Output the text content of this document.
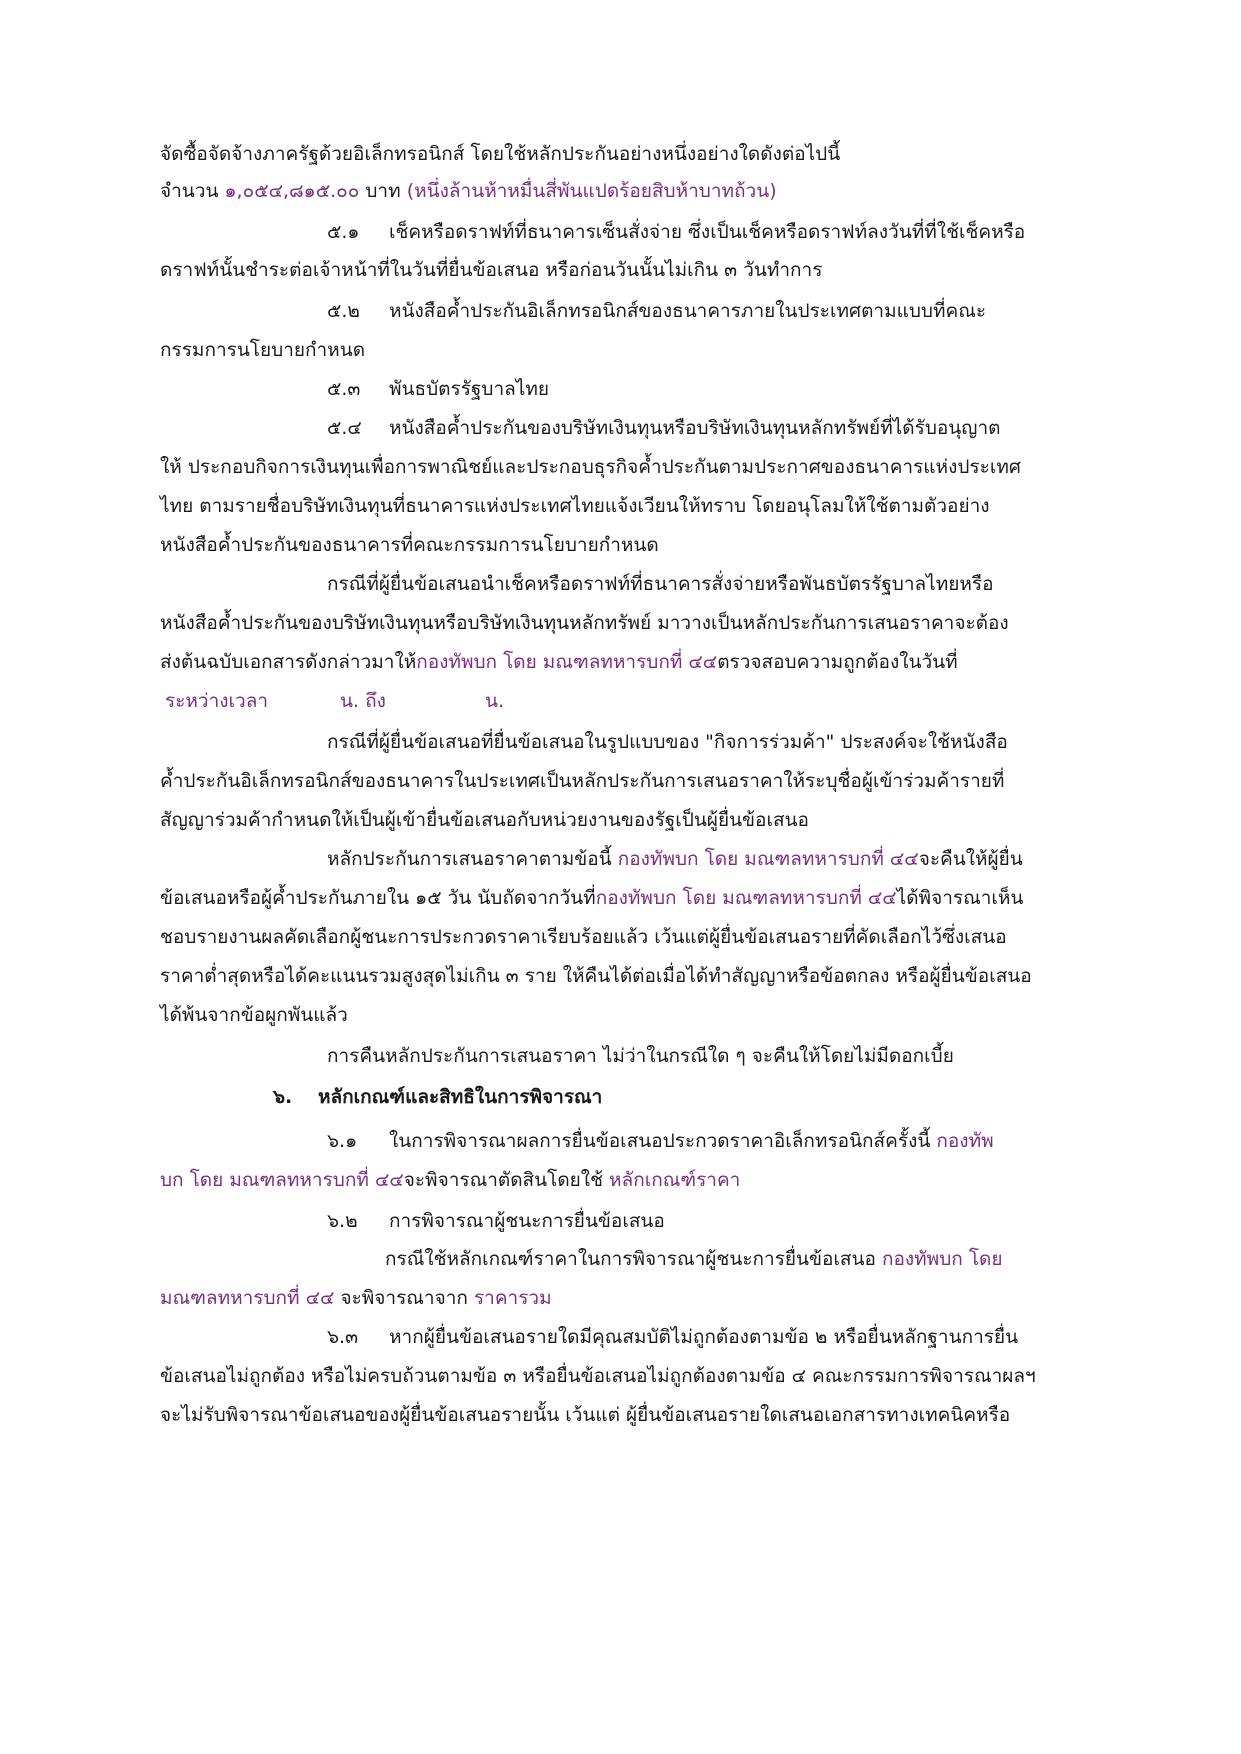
จัดซื้อจัดจ้างภาครัฐด้วยอิเล็กทรอนิกส์ โดยใช้หลักประกันอย่างหนึ่งอย่างใดดังต่อไปนี้
จำนวน ๑,๐๕๔,๘๑๕.๐๐ บาท (หนึ่งล้านห้าหมื่นสี่พันแปดร้อยสิบห้าบาทถ้วน)
๕.๑ เช็คหรือดราฟท์ที่ธนาคารเซ็นสั่งจ่าย ซึ่งเป็นเช็คหรือดราฟท์ลงวันที่ที่ใช้เช็คหรือ
ดราฟท์นั้นชำระต่อเจ้าหน้าที่ในวันที่ยื่นข้อเสนอ หรือก่อนวันนั้นไม่เกิน ๓ วันทำการ
๕.๒ หนังสือค้ำประกันอิเล็กทรอนิกส์ของธนาคารภายในประเทศตามแบบที่คณะ
กรรมการนโยบายกำหนด
๕.๓ พันธบัตรรัฐบาลไทย
๕.๔ หนังสือค้ำประกันของบริษัทเงินทุนหรือบริษัทเงินทุนหลักทรัพย์ที่ได้รับอนุญาต
ให้ ประกอบกิจการเงินทุนเพื่อการพาณิชย์และประกอบธุรกิจค้ำประกันตามประกาศของธนาคารแห่งประเทศ
ไทย ตามรายชื่อบริษัทเงินทุนที่ธนาคารแห่งประเทศไทยแจ้งเวียนให้ทราบ โดยอนุโลมให้ใช้ตามตัวอย่าง
หนังสือค้ำประกันของธนาคารที่คณะกรรมการนโยบายกำหนด
กรณีที่ผู้ยื่นข้อเสนอนำเช็คหรือดราฟท์ที่ธนาคารสั่งจ่ายหรือพันธบัตรรัฐบาลไทยหรือ
หนังสือค้ำประกันของบริษัทเงินทุนหรือบริษัทเงินทุนหลักทรัพย์ มาวางเป็นหลักประกันการเสนอราคาจะต้อง
ส่งต้นฉบับเอกสารดังกล่าวมาให้กองทัพบก โดย มณฑลทหารบกที่ ๔๔ตรวจสอบความถูกต้องในวันที่
ระหว่างเวลา	น. ถึง	น.
กรณีที่ผู้ยื่นข้อเสนอที่ยื่นข้อเสนอในรูปแบบของ "กิจการร่วมค้า" ประสงค์จะใช้หนังสือ
ค้ำประกันอิเล็กทรอนิกส์ของธนาคารในประเทศเป็นหลักประกันการเสนอราคาให้ระบุชื่อผู้เข้าร่วมค้ารายที่
สัญญาร่วมค้ากำหนดให้เป็นผู้เข้ายื่นข้อเสนอกับหน่วยงานของรัฐเป็นผู้ยื่นข้อเสนอ
หลักประกันการเสนอราคาตามข้อนี้ กองทัพบก โดย มณฑลทหารบกที่ ๔๔จะคืนให้ผู้ยื่น
ข้อเสนอหรือผู้ค้ำประกันภายใน ๑๕ วัน นับถัดจากวันที่กองทัพบก โดย มณฑลทหารบกที่ ๔๔ได้พิจารณาเห็น
ชอบรายงานผลคัดเลือกผู้ชนะการประกวดราคาเรียบร้อยแล้ว เว้นแต่ผู้ยื่นข้อเสนอรายที่คัดเลือกไว้ซึ่งเสนอ
ราคาต่ำสุดหรือได้คะแนนรวมสูงสุดไม่เกิน ๓ ราย ให้คืนได้ต่อเมื่อได้ทำสัญญาหรือข้อตกลง หรือผู้ยื่นข้อเสนอ
ได้พ้นจากข้อผูกพันแล้ว
การคืนหลักประกันการเสนอราคา ไม่ว่าในกรณีใด ๆ จะคืนให้โดยไม่มีดอกเบี้ย
๖. หลักเกณฑ์และสิทธิในการพิจารณา
๖.๑ ในการพิจารณาผลการยื่นข้อเสนอประกวดราคาอิเล็กทรอนิกส์ครั้งนี้ กองทัพ
บก โดย มณฑลทหารบกที่ ๔๔จะพิจารณาตัดสินโดยใช้ หลักเกณฑ์ราคา
๖.๒ การพิจารณาผู้ชนะการยื่นข้อเสนอ
กรณีใช้หลักเกณฑ์ราคาในการพิจารณาผู้ชนะการยื่นข้อเสนอ กองทัพบก โดย
มณฑลทหารบกที่ ๔๔ จะพิจารณาจาก ราคารวม
๖.๓ หากผู้ยื่นข้อเสนอรายใดมีคุณสมบัติไม่ถูกต้องตามข้อ ๒ หรือยื่นหลักฐานการยื่น
ข้อเสนอไม่ถูกต้อง หรือไม่ครบถ้วนตามข้อ ๓ หรือยื่นข้อเสนอไม่ถูกต้องตามข้อ ๔ คณะกรรมการพิจารณาผลฯ
จะไม่รับพิจารณาข้อเสนอของผู้ยื่นข้อเสนอรายนั้น เว้นแต่ ผู้ยื่นข้อเสนอรายใดเสนอเอกสารทางเทคนิคหรือ
